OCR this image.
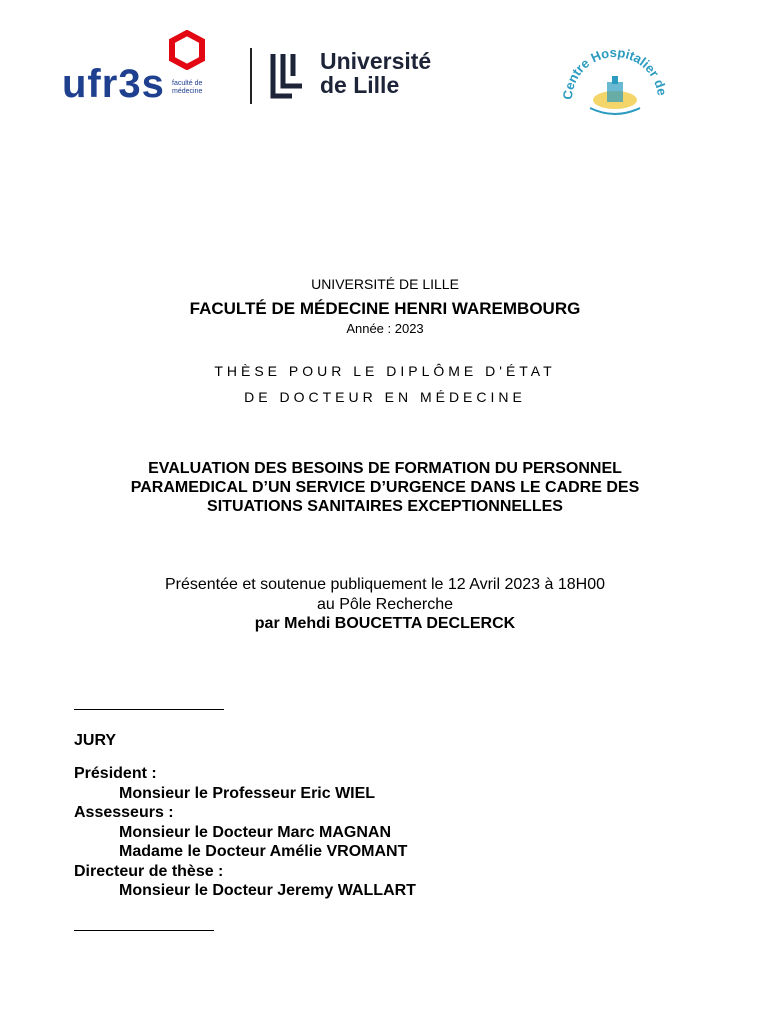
ufr3s faculté de médecine
Université
de Lille	Centre Hospitalier de
UNIVERSITÉ DE LILLE
FACULTÉ DE MÉDECINE HENRI WAREMBOURG
Année : 2023
THÈSE POUR LE DIPLÔME D'ÉTAT
DE DOCTEUR EN MÉDECINE
EVALUATION DES BESOINS DE FORMATION DU PERSONNEL
PARAMEDICAL D’UN SERVICE D’URGENCE DANS LE CADRE DES
SITUATIONS SANITAIRES EXCEPTIONNELLES
Présentée et soutenue publiquement le 12 Avril 2023 à 18H00
au Pôle Recherche
par Mehdi BOUCETTA DECLERCK
JURY
Président :
Monsieur le Professeur Eric WIEL
Assesseurs :
Monsieur le Docteur Marc MAGNAN
Madame le Docteur Amélie VROMANT
Directeur de thèse :
Monsieur le Docteur Jeremy WALLART
